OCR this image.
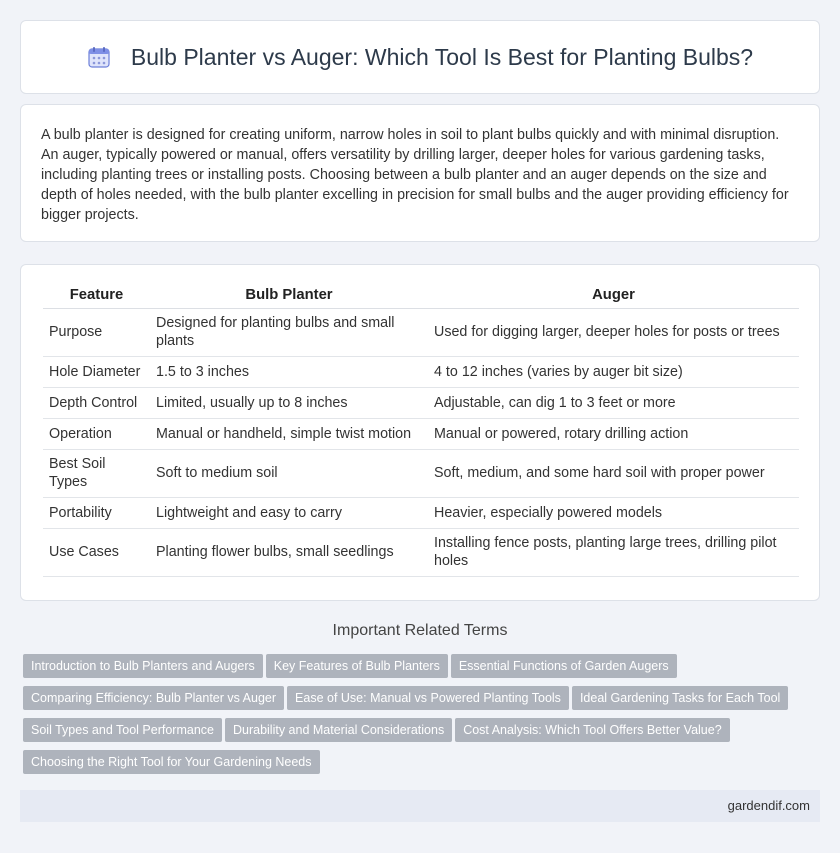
Bulb Planter vs Auger: Which Tool Is Best for Planting Bulbs?

A bulb planter is designed for creating uniform, narrow holes in soil to plant bulbs quickly and with minimal disruption. An auger, typically powered or manual, offers versatility by drilling larger, deeper holes for various gardening tasks, including planting trees or installing posts. Choosing between a bulb planter and an auger depends on the size and depth of holes needed, with the bulb planter excelling in precision for small bulbs and the auger providing efficiency for bigger projects.

Feature	Bulb Planter	Auger
Purpose	Designed for planting bulbs and small plants	Used for digging larger, deeper holes for posts or trees
Hole Diameter	1.5 to 3 inches	4 to 12 inches (varies by auger bit size)
Depth Control	Limited, usually up to 8 inches	Adjustable, can dig 1 to 3 feet or more
Operation	Manual or handheld, simple twist motion	Manual or powered, rotary drilling action
Best Soil Types	Soft to medium soil	Soft, medium, and some hard soil with proper power
Portability	Lightweight and easy to carry	Heavier, especially powered models
Use Cases	Planting flower bulbs, small seedlings	Installing fence posts, planting large trees, drilling pilot holes
Important Related Terms
Introduction to Bulb Planters and Augers Key Features of Bulb Planters Essential Functions of Garden Augers
Comparing Efficiency: Bulb Planter vs Auger Ease of Use: Manual vs Powered Planting Tools Ideal Gardening Tasks for Each Tool
Soil Types and Tool Performance Durability and Material Considerations Cost Analysis: Which Tool Offers Better Value?
Choosing the Right Tool for Your Gardening Needs
gardendif.com
